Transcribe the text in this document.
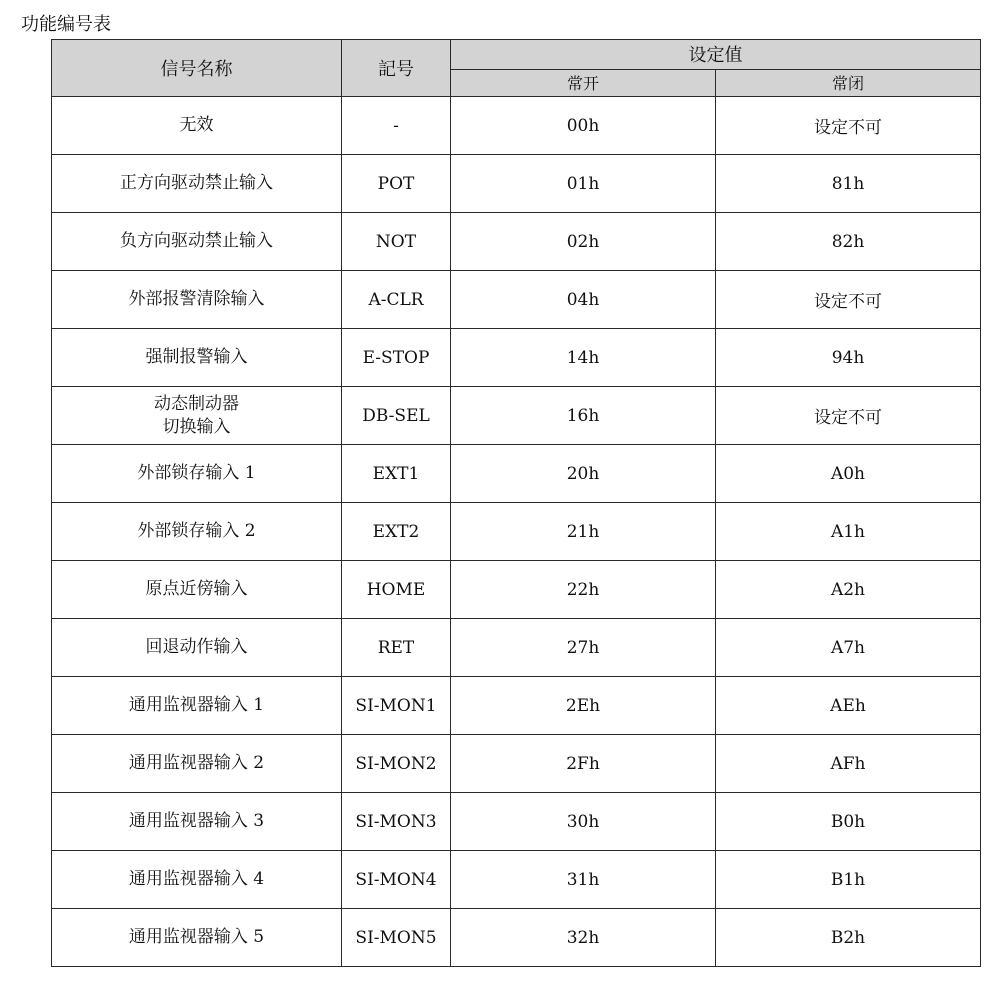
功能编号表
信号名称	記号	设定值	
		常开	常闭
无效	-	00h	设定不可
正方向驱动禁止输入	POT	01h	81h
负方向驱动禁止输入	NOT	02h	82h
外部报警清除输入	A-CLR	04h	设定不可
强制报警输入	E-STOP	14h	94h

动态制动器
切换输入	DB-SEL	16h	设定不可
外部锁存输入 1	EXT1	20h	A0h
外部锁存输入 2	EXT2	21h	A1h
原点近傍输入	HOME	22h	A2h
回退动作输入	RET	27h	A7h
通用监视器输入 1	SI-MON1	2Eh	AEh
通用监视器输入 2	SI-MON2	2Fh	AFh
通用监视器输入 3	SI-MON3	30h	B0h
通用监视器输入 4	SI-MON4	31h	B1h
通用监视器输入 5	SI-MON5	32h	B2h
